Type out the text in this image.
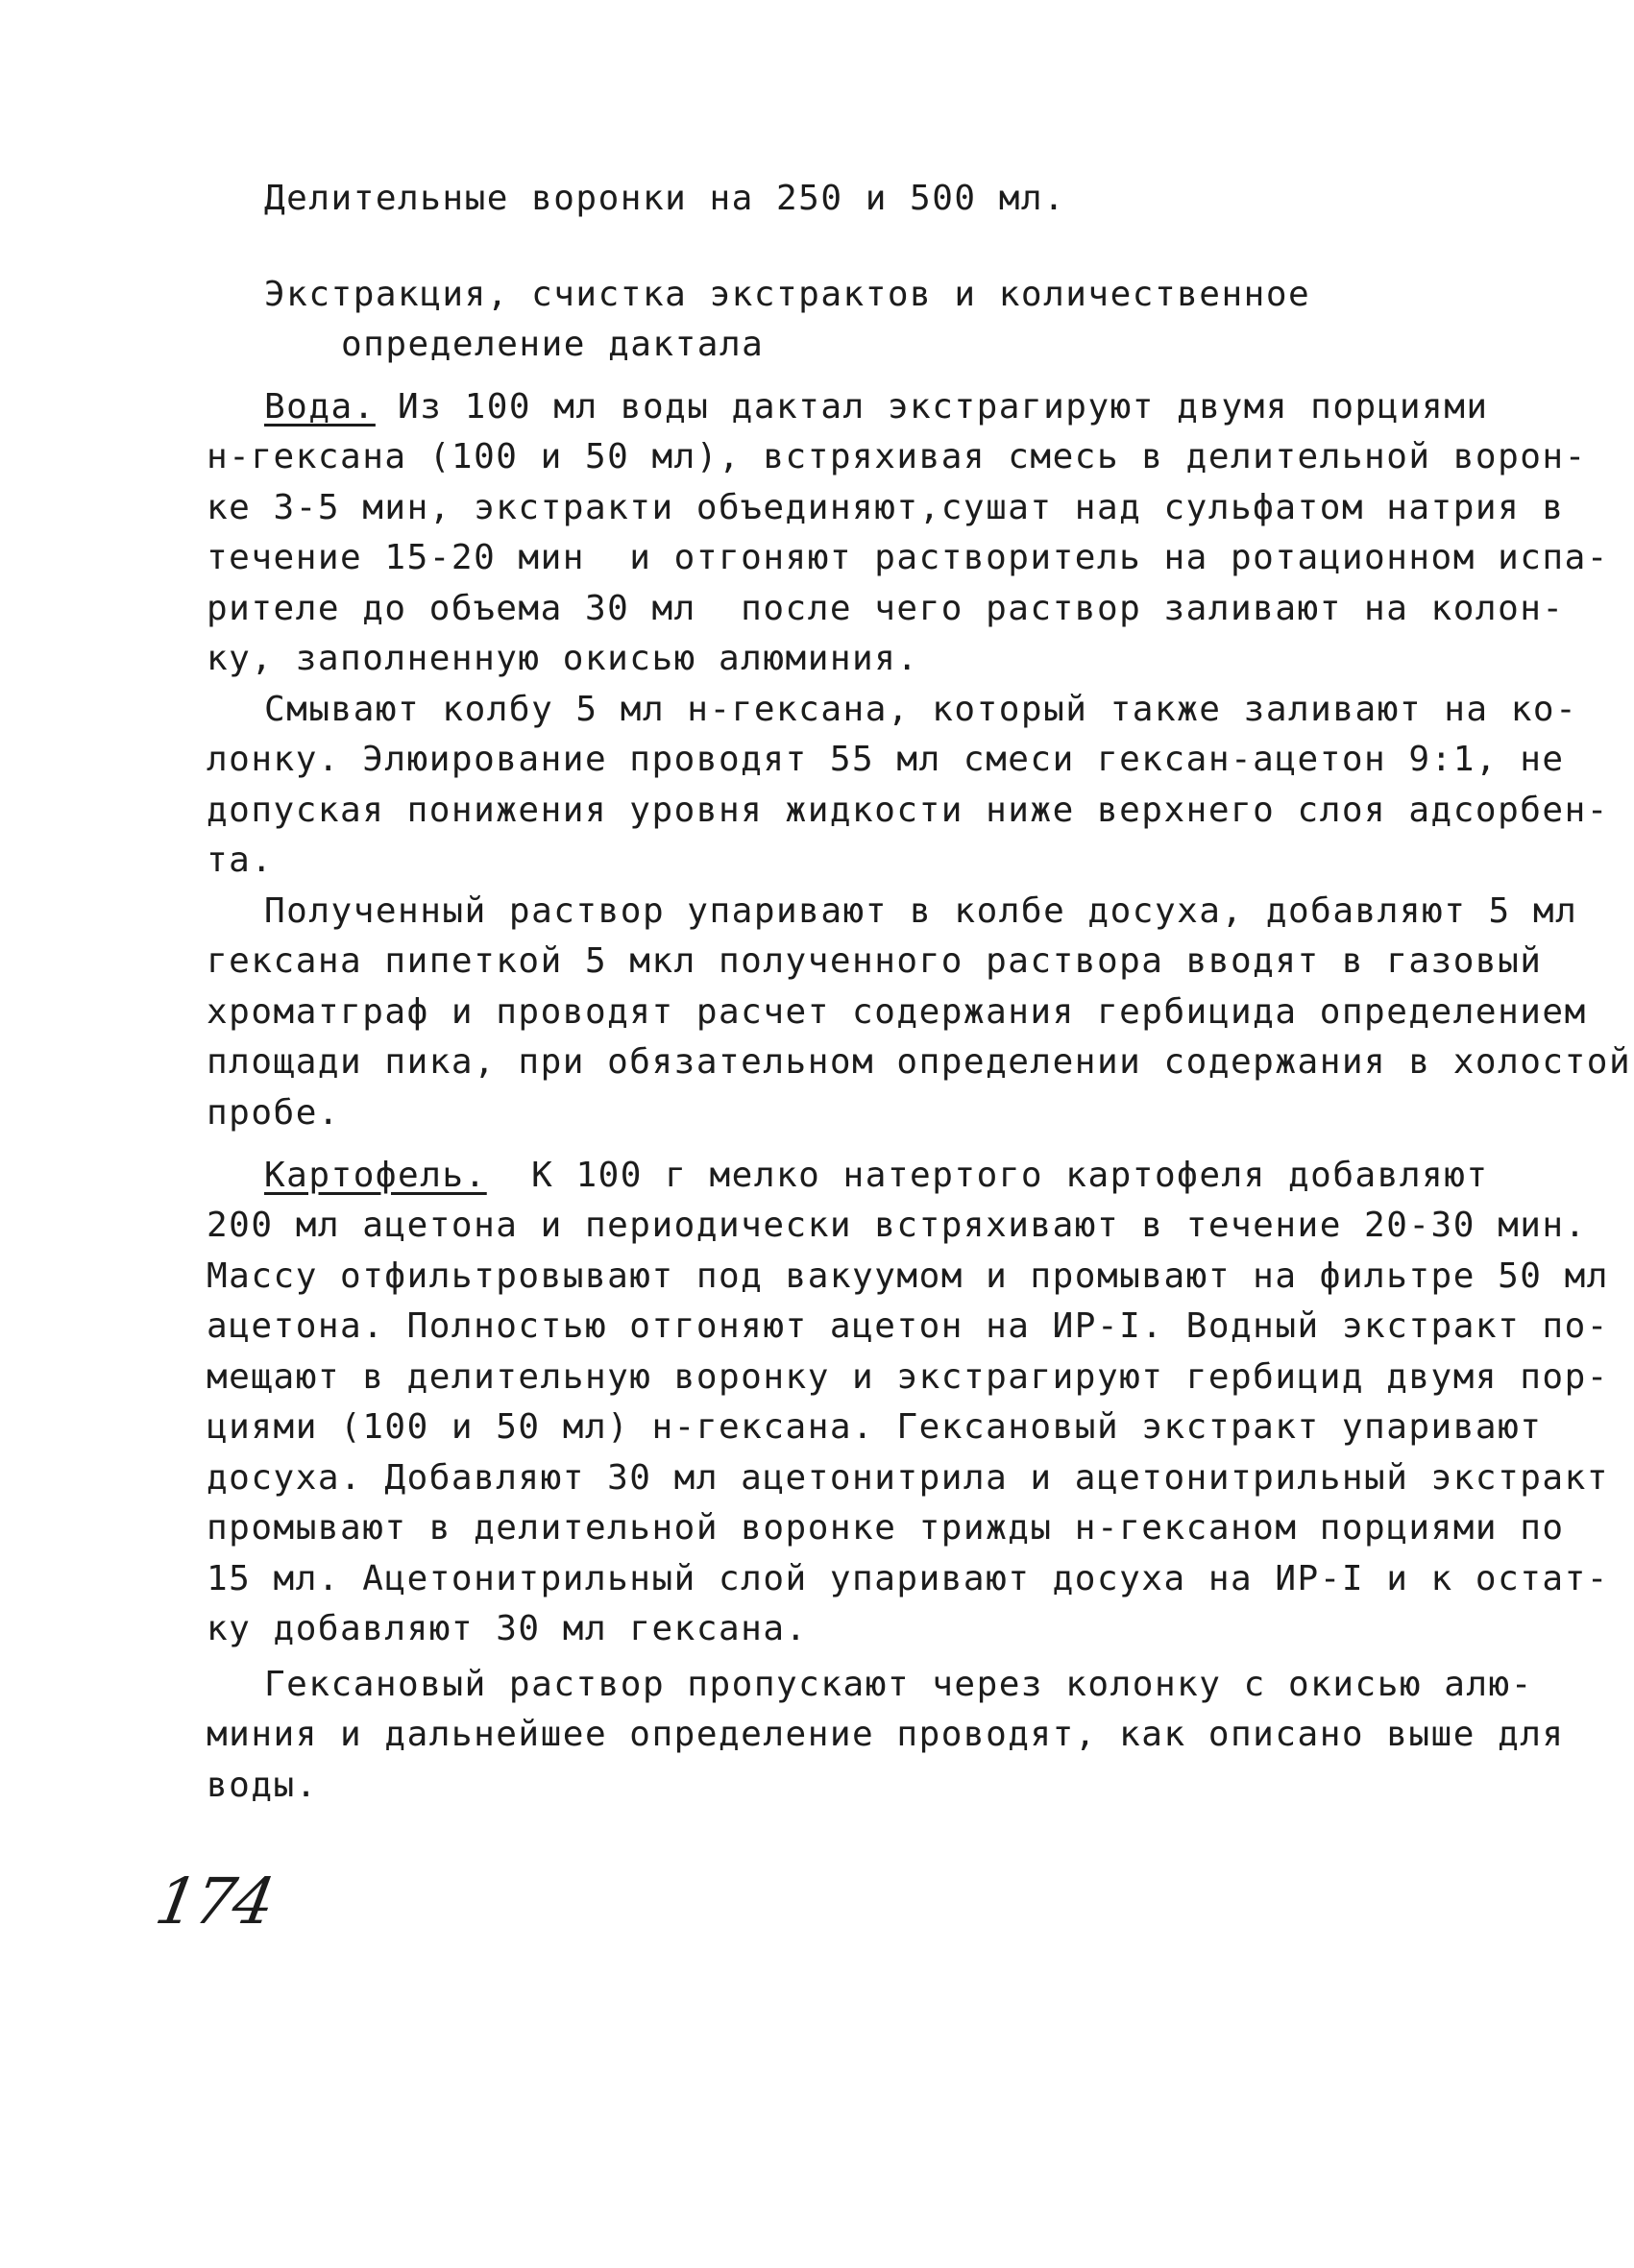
Делительные воронки на 250 и 500 мл.

Экстракция, счистка экстрактов и количественное

определение дактала

Вода. Из 100 мл воды дактал экстрагируют двумя порциями

н-гексана (100 и 50 мл), встряхивая смесь в делительной ворон-

ке 3-5 мин, экстракти объединяют,сушат над сульфатом натрия в

течение 15-20 мин  и отгоняют растворитель на ротационном испа-

рителе до объема 30 мл  после чего раствор заливают на колон-

ку, заполненную окисью алюминия.

Смывают колбу 5 мл н-гексана, который также заливают на ко-

лонку. Элюирование проводят 55 мл смеси гексан-ацетон 9:1, не

допуская понижения уровня жидкости ниже верхнего слоя адсорбен-

та.

Полученный раствор упаривают в колбе досуха, добавляют 5 мл

гексана пипеткой 5 мкл полученного раствора вводят в газовый

хроматграф и проводят расчет содержания гербицида определением

площади пика, при обязательном определении содержания в холостой

пробе.

Картофель.  К 100 г мелко натертого картофеля добавляют

200 мл ацетона и периодически встряхивают в течение 20-30 мин.

Массу отфильтровывают под вакуумом и промывают на фильтре 50 мл

ацетона. Полностью отгоняют ацетон на ИР-I. Водный экстракт по-

мещают в делительную воронку и экстрагируют гербицид двумя пор-

циями (100 и 50 мл) н-гексана. Гексановый экстракт упаривают

досуха. Добавляют 30 мл ацетонитрила и ацетонитрильный экстракт

промывают в делительной воронке трижды н-гексаном порциями по

15 мл. Ацетонитрильный слой упаривают досуха на ИР-I и к остат-

ку добавляют 30 мл гексана.

Гексановый раствор пропускают через колонку с окисью алю-

миния и дальнейшее определение проводят, как описано выше для

воды.

174
